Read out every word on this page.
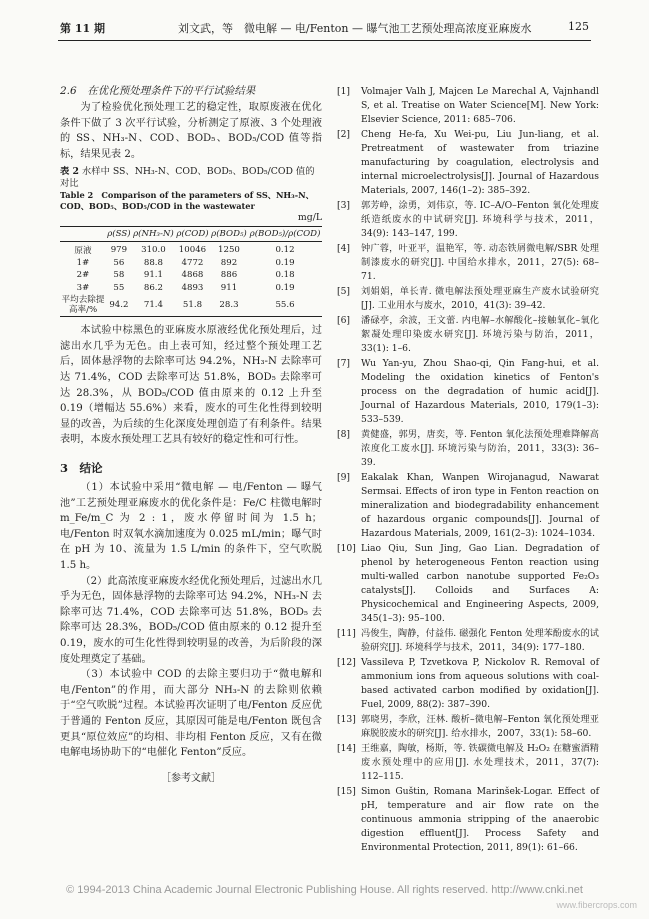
第 11 期	刘文武，等　微电解 — 电/Fenton — 曝气池工艺预处理高浓度亚麻废水	125
2.6　在优化预处理条件下的平行试验结果

为了检验优化预处理工艺的稳定性，取原废液在优化条件下做了 3 次平行试验，分析测定了原液、3 个处理液的 SS、NH₃-N、COD、BOD₅、BOD₅/COD 值等指标，结果见表 2。

表 2 水样中 SS、NH₃-N、COD、BOD₅、BOD₅/COD 值的对比
Table 2　Comparison of the parameters of SS、NH₃-N、COD、BOD₅、BOD₅/COD in the wastewater
mg/L
	ρ(SS)	ρ(NH₃-N)	ρ(COD)	ρ(BOD₅)	ρ(BOD₅)/ρ(COD)
原液	979	310.0	10046	1250	0.12
1#	56	88.8	4772	892	0.19
2#	58	91.1	4868	886	0.18
3#	55	86.2	4893	911	0.19
平均去除提高率/%	94.2	71.4	51.8	28.3	55.6

本试验中棕黑色的亚麻废水原液经优化预处理后，过滤出水几乎为无色。由上表可知，经过整个预处理工艺后，固体悬浮物的去除率可达 94.2%，NH₃-N 去除率可达 71.4%，COD 去除率可达 51.8%，BOD₅ 去除率可达 28.3%，从 BOD₅/COD 值由原来的 0.12 上升至 0.19（增幅达 55.6%）来看，废水的可生化性得到较明显的改善，为后续的生化深度处理创造了有利条件。结果表明，本废水预处理工艺具有较好的稳定性和可行性。

3　结论

（1）本试验中采用“微电解 — 电/Fenton — 曝气池”工艺预处理亚麻废水的优化条件是：Fe/C 柱微电解时 m_Fe/m_C 为 2 : 1，废水停留时间为 1.5 h；电/Fenton 时双氧水滴加速度为 0.025 mL/min；曝气时在 pH 为 10、流量为 1.5 L/min 的条件下，空气吹脱 1.5 h。

（2）此高浓度亚麻废水经优化预处理后，过滤出水几乎为无色，固体悬浮物的去除率可达 94.2%，NH₃-N 去除率可达 71.4%，COD 去除率可达 51.8%，BOD₅ 去除率可达 28.3%，BOD₅/COD 值由原来的 0.12 提升至 0.19，废水的可生化性得到较明显的改善，为后阶段的深度处理奠定了基础。

（3）本试验中 COD 的去除主要归功于“微电解和电/Fenton”的作用，而大部分 NH₃-N 的去除则依赖于“空气吹脱”过程。本试验再次证明了电/Fenton 反应优于普通的 Fenton 反应，其原因可能是电/Fenton 既包含更具“原位效应”的均相、非均相 Fenton 反应，又有在微电解电场协助下的“电催化 Fenton”反应。

［参考文献］
[1]	Volmajer Valh J, Majcen Le Marechal A, Vajnhandl S, et al. Treatise on Water Science[M]. New York: Elsevier Science, 2011: 685–706.
[2]	Cheng He-fa, Xu Wei-pu, Liu Jun-liang, et al. Pretreatment of wastewater from triazine manufacturing by coagulation, electrolysis and internal microelectrolysis[J]. Journal of Hazardous Materials, 2007, 146(1–2): 385–392.
[3]	郭芳峥，涂勇，刘伟京，等. IC–A/O–Fenton 氧化处理废纸造纸废水的中试研究[J]. 环境科学与技术，2011，34(9): 143–147, 199.
[4]	钟广蓉，叶亚平，温艳军，等. 动态铁屑微电解/SBR 处理制漆废水的研究[J]. 中国给水排水，2011，27(5): 68–71.
[5]	刘娟娟，单长青. 微电解法预处理亚麻生产废水试验研究[J]. 工业用水与废水，2010，41(3): 39–42.
[6]	潘碌亭，余波，王文蕾. 内电解–水解酸化–接触氧化–氧化絮凝处理印染废水研究[J]. 环境污染与防治，2011，33(1): 1–6.
[7]	Wu Yan-yu, Zhou Shao-qi, Qin Fang-hui, et al. Modeling the oxidation kinetics of Fenton's process on the degradation of humic acid[J]. Journal of Hazardous Materials, 2010, 179(1–3): 533–539.
[8]	黄健盛，郭男，唐奕，等. Fenton 氧化法预处理难降解高浓度化工废水[J]. 环境污染与防治，2011，33(3): 36–39.
[9]	Eakalak Khan, Wanpen Wirojanagud, Nawarat Sermsai. Effects of iron type in Fenton reaction on mineralization and biodegradability enhancement of hazardous organic compounds[J]. Journal of Hazardous Materials, 2009, 161(2–3): 1024–1034.
[10] Liao Qiu, Sun Jing, Gao Lian. Degradation of phenol by heterogeneous Fenton reaction using multi-walled carbon nanotube supported Fe₂O₃ catalysts[J]. Colloids and Surfaces A: Physicochemical and Engineering Aspects, 2009, 345(1–3): 95–100.
[11] 冯俊生，陶静，付益伟. 磁强化 Fenton 处理苯酚废水的试验研究[J]. 环境科学与技术，2011，34(9): 177–180.
[12] Vassileva P, Tzvetkova P, Nickolov R. Removal of ammonium ions from aqueous solutions with coal-based activated carbon modified by oxidation[J]. Fuel, 2009, 88(2): 387–390.
[13] 郭晓男，李欣，汪林. 酸析–微电解–Fenton 氧化预处理亚麻脱胶废水的研究[J]. 给水排水，2007，33(1): 58–60.
[14] 王维嘉，陶敏，杨斯，等. 铁碳微电解及 H₂O₂ 在糖蜜酒精废水预处理中的应用[J]. 水处理技术，2011，37(7): 112–115.
[15] Simon Guštin, Romana Marinšek-Logar. Effect of pH, temperature and air flow rate on the continuous ammonia stripping of the anaerobic digestion effluent[J]. Process Safety and Environmental Protection, 2011, 89(1): 61–66.
© 1994-2013 China Academic Journal Electronic Publishing House. All rights reserved. http://www.cnki.net
www.fibercrops.com
